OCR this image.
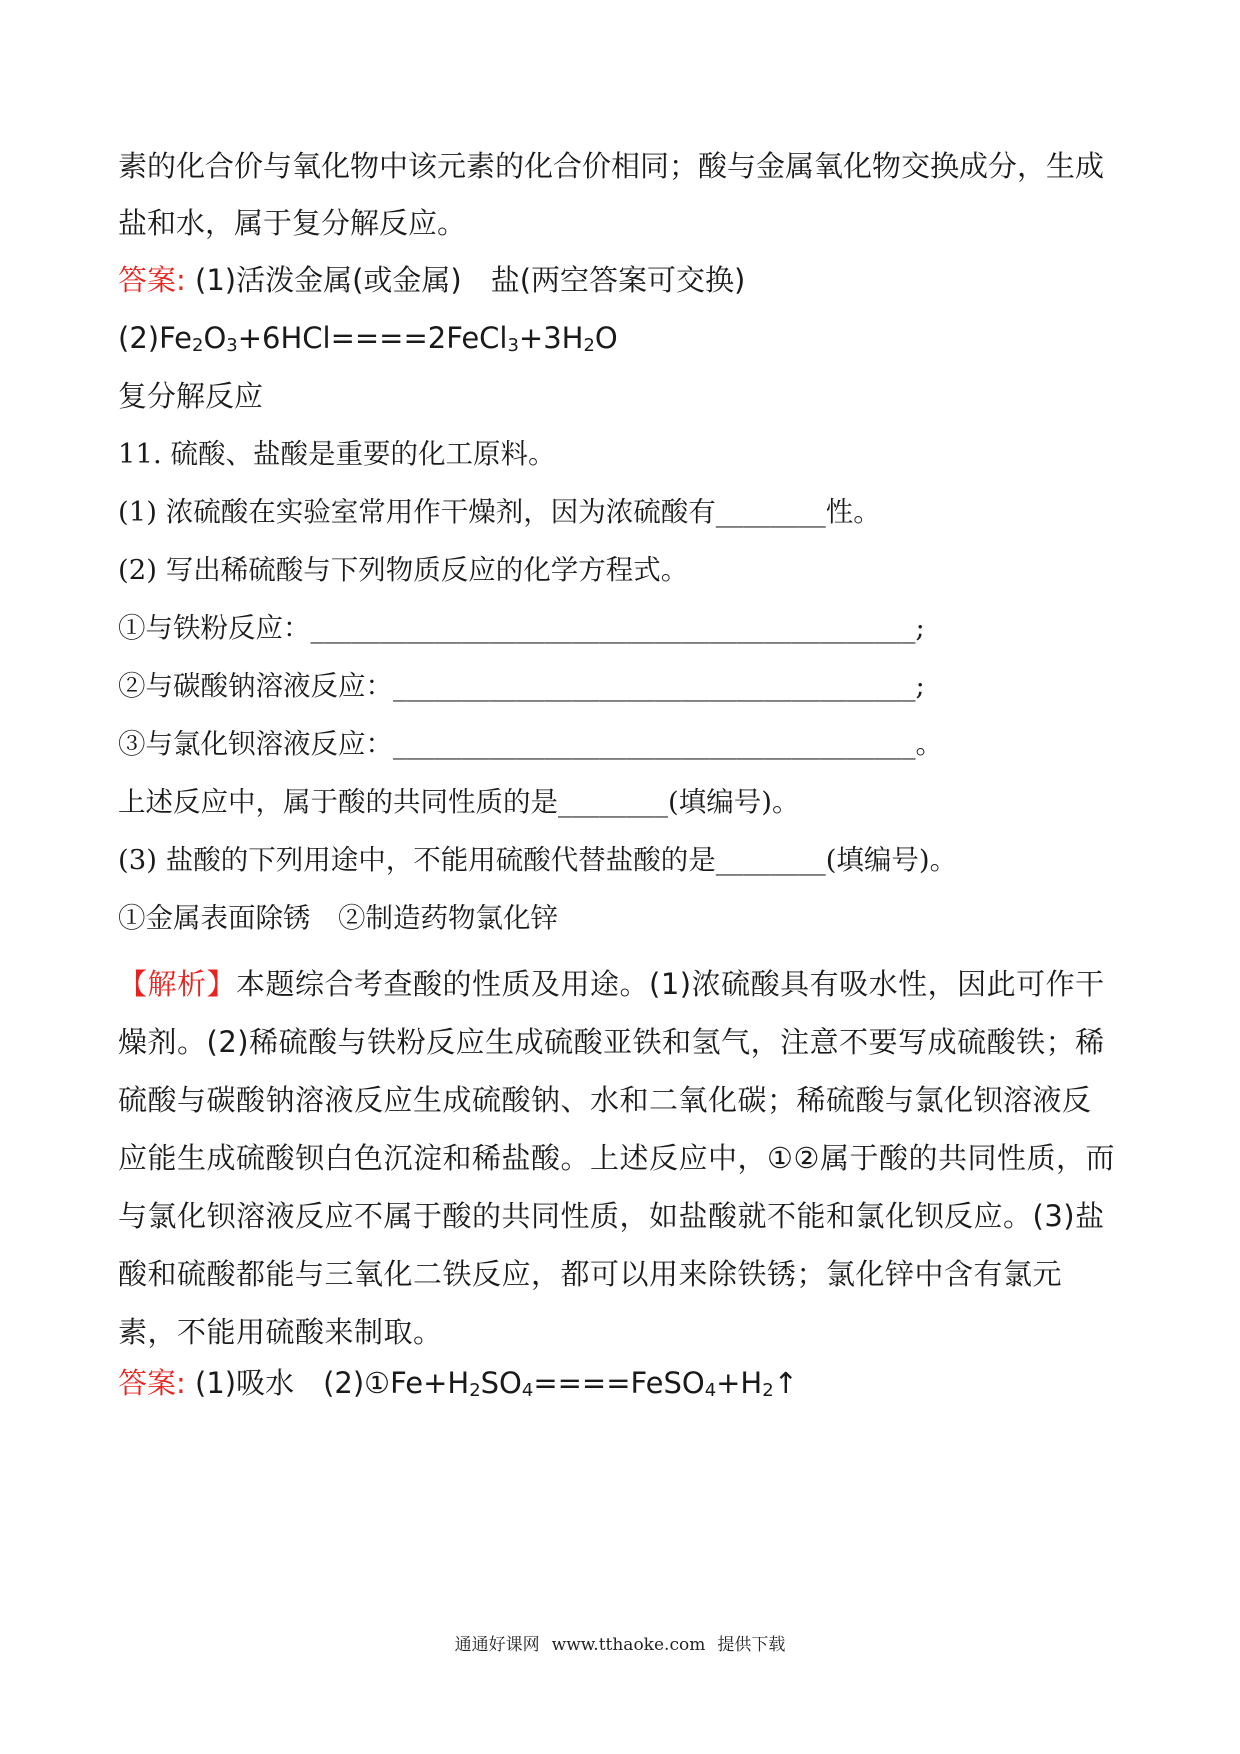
素的化合价与氧化物中该元素的化合价相同；酸与金属氧化物交换成分，生成
盐和水，属于复分解反应。
答案: (1)活泼金属(或金属)　盐(两空答案可交换)
$(2)Fe_2O_3+6HCl====2FeCl_3+3H_2O$
复分解反应
11. 硫酸、盐酸是重要的化工原料。
(1) 浓硫酸在实验室常用作干燥剂，因为浓硫酸有________性。
(2) 写出稀硫酸与下列物质反应的化学方程式。
①与铁粉反应：____________________________________________;
②与碳酸钠溶液反应：______________________________________;
③与氯化钡溶液反应：______________________________________。
上述反应中，属于酸的共同性质的是________(填编号)。
(3) 盐酸的下列用途中，不能用硫酸代替盐酸的是________(填编号)。
①金属表面除锈　②制造药物氯化锌
【解析】本题综合考查酸的性质及用途。(1)浓硫酸具有吸水性，因此可作干燥剂。(2)稀硫酸与铁粉反应生成硫酸亚铁和氢气，注意不要写成硫酸铁；稀硫酸与碳酸钠溶液反应生成硫酸钠、水和二氧化碳；稀硫酸与氯化钡溶液反应能生成硫酸钡白色沉淀和稀盐酸。上述反应中，①②属于酸的共同性质，而与氯化钡溶液反应不属于酸的共同性质，如盐酸就不能和氯化钡反应。(3)盐酸和硫酸都能与三氧化二铁反应，都可以用来除铁锈；氯化锌中含有氯元素，不能用硫酸来制取。
答案: (1)吸水　$(2)①Fe+H_2SO_4====FeSO_4+H_2↑$
通通好课网 www.tthaoke.com 提供下载
